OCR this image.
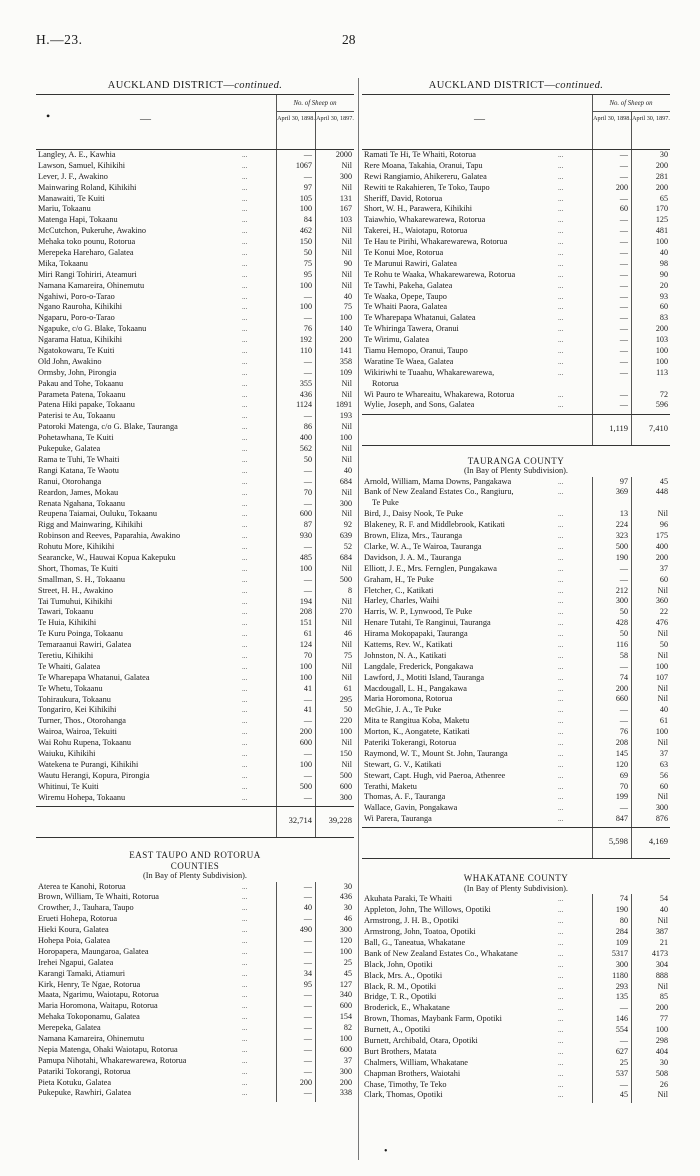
H.—23.	28
AUCKLAND DISTRICT—continued.
•	—
No. of Sheep on
April 30, 1898. April 30, 1897.
Langley, A. E., Kawhia	...	—	2000
Lawson, Samuel, Kihikihi	...	1067	Nil
Lever, J. F., Awakino	...	—	300
Mainwaring Roland, Kihikihi	...	97	Nil
Manawaiti, Te Kuiti	...	105	131
Mariu, Tokaanu	...	100	167
Matenga Hapi, Tokaanu	...	84	103
McCutchon, Pukeruhe, Awakino	...	462	Nil
Mehaka toko pounu, Rotorua	...	150	Nil
Merepeka Hareharo, Galatea	...	50	Nil
Mika, Tokaanu	...	75	90
Miri Rangi Tohiriri, Ateamuri	...	95	Nil
Namana Kamareira, Ohinemutu	...	100	Nil
Ngahiwi, Poro-o-Tarao	...	—	40
Ngano Rauroha, Kihikihi	...	100	75
Ngaparu, Poro-o-Tarao	...	—	100
Ngapuke, c/o G. Blake, Tokaanu	...	76	140
Ngarama Hatua, Kihikihi	...	192	200
Ngatokowaru, Te Kuiti	...	110	141
Old John, Awakino	...	—	358
Ormsby, John, Pirongia	...	—	109
Pakau and Tohe, Tokaanu	...	355	Nil
Parameta Patena, Tokaanu	...	436	Nil
Patena Hiki papake, Tokaanu	...	1124	1891
Paterisi te Au, Tokaanu	...	—	193
Patoroki Matenga, c/o G. Blake, Tauranga	...	86	Nil
Pohetawhana, Te Kuiti	...	400	100
Pukepuke, Galatea	...	562	Nil
Rama te Tuhi, Te Whaiti	...	50	Nil
Rangi Katana, Te Waotu	...	—	40
Ranui, Otorohanga	...	—	684
Reardon, James, Mokau	...	70	Nil
Renata Ngahana, Tokaanu	...	—	300
Reupena Taiamai, Ouluku, Tokaanu	...	600	Nil
Rigg and Mainwaring, Kihikihi	...	87	92
Robinson and Reeves, Paparahia, Awakino	...	930	639
Rohutu More, Kihikihi	...	—	52
Searancke, W., Hauwai Kopua Kakepuku	...	485	684
Short, Thomas, Te Kuiti	...	100	Nil
Smallman, S. H., Tokaanu	...	—	500
Street, H. H., Awakino	...	—	8
Tai Tumuhui, Kihikihi	...	194	Nil
Tawari, Tokaanu	...	208	270
Te Huia, Kihikihi	...	151	Nil
Te Kuru Poinga, Tokaanu	...	61	46
Temaraanui Rawiri, Galatea	...	124	Nil
Teretiu, Kihikihi	...	70	75
Te Whaiti, Galatea	...	100	Nil
Te Wharepapa Whatanui, Galatea	...	100	Nil
Te Whetu, Tokaanu	...	41	61
Tohiraukura, Tokaanu	...	—	295
Tongariro, Kei Kihikihi	...	41	50
Turner, Thos., Otorohanga	...	—	220
Wairoa, Wairoa, Tekuiti	...	200	100
Wai Rohu Rupena, Tokaanu	...	600	Nil
Waiuku, Kihikihi	...	—	150
Watekena te Purangi, Kihikihi	...	100	Nil
Wautu Herangi, Kopura, Pirongia	...	—	500
Whitinui, Te Kuiti	...	500	600
Wiremu Hohepa, Tokaanu	...	—	300
32,714	39,228
EAST TAUPO AND ROTORUA
COUNTIES
(In Bay of Plenty Subdivision).
Aterea te Kanohi, Rotorua	...	—	30
Brown, William, Te Whaiti, Rotorua	...	—	436
Crowther, J., Tauhara, Taupo	...	40	30
Erueti Hohepa, Rotorua	...	—	46
Hieki Koura, Galatea	...	490	300
Hohepa Poia, Galatea	...	—	120
Horopapera, Maungaroa, Galatea	...	—	100
Irehei Ngapui, Galatea	...	—	25
Karangi Tamaki, Atiamuri	...	34	45
Kirk, Henry, Te Ngae, Rotorua	...	95	127
Maata, Ngarimu, Waiotapu, Rotorua	...	—	340
Maria Horomona, Waitapu, Rotorua	...	—	600
Mehaka Tokoponamu, Galatea	...	—	154
Merepeka, Galatea	...	—	82
Namana Kamareira, Ohinemutu	...	—	100
Nepia Matenga, Ohaki Waiotapu, Rotorua	...	—	600
Pamupa Nihotahi, Whakarewarewa, Rotorua	...	—	37
Patariki Tokorangi, Rotorua	...	—	300
Pieta Kotuku, Galatea	...	200	200
Pukepuke, Rawhiri, Galatea	...	—	338
AUCKLAND DISTRICT—continued.
—
No. of Sheep on
April 30, 1898. April 30, 1897.
Ramati Te Hi, Te Whaiti, Rotorua	...	—	30
Rere Moana, Takahia, Oranui, Tapu	...	—	200
Rewi Rangiamio, Ahikereru, Galatea	...	—	281
Rewiti te Rakahieren, Te Toko, Taupo	...	200	200
Sheriff, David, Rotorua	...	—	65
Short, W. H., Parawera, Kihikihi	...	60	170
Taiawhio, Whakarewarewa, Rotorua	...	—	125
Takerei, H., Waiotapu, Rotorua	...	—	481
Te Hau te Pirihi, Whakarewarewa, Rotorua	...	—	100
Te Konui Moe, Rotorua	...	—	40
Te Marunui Rawiri, Galatea	...	—	98
Te Rohu te Waaka, Whakarewarewa, Rotorua	...	—	90
Te Tawhi, Pakeha, Galatea	...	—	20
Te Waaka, Opepe, Taupo	...	—	93
Te Whaiti Paora, Galatea	...	—	60
Te Wharepapa Whatanui, Galatea	...	—	83
Te Whiringa Tawera, Oranui	...	—	200
Te Wirimu, Galatea	...	—	103
Tiamu Hemopo, Oranui, Taupo	...	—	100
Waratine Te Waea, Galatea	...	—	100
Wikiriwhi te Tuaahu, Whakarewarewa,	...	—	113
Rotorua
Wi Pauro te Whareaitu, Whakarewa, Rotorua	...	—	72
Wylie, Joseph, and Sons, Galatea	...	—	596
1,119	7,410
TAURANGA COUNTY
(In Bay of Plenty Subdivision).
Arnold, William, Mama Downs, Pangakawa	...	97	45
Bank of New Zealand Estates Co., Rangiuru,	...	369	448
Te Puke
Bird, J., Daisy Nook, Te Puke	...	13	Nil
Blakeney, R. F. and Middlebrook, Katikati	...	224	96
Brown, Eliza, Mrs., Tauranga	...	323	175
Clarke, W. A., Te Wairoa, Tauranga	...	500	400
Davidson, J. A. M., Tauranga	...	190	200
Elliott, J. E., Mrs. Fernglen, Pungakawa	...	—	37
Graham, H., Te Puke	...	—	60
Fletcher, C., Katikati	...	212	Nil
Harley, Charles, Waihi	...	300	360
Harris, W. P., Lynwood, Te Puke	...	50	22
Henare Tutahi, Te Ranginui, Tauranga	...	428	476
Hirama Mokopapaki, Tauranga	...	50	Nil
Kattems, Rev. W., Katikati	...	116	50
Johnston, N. A., Katikati	...	58	Nil
Langdale, Frederick, Pongakawa	...	—	100
Lawford, J., Motiti Island, Tauranga	...	74	107
Macdougall, L. H., Pangakawa	...	200	Nil
Maria Horomona, Rotorua	...	660	Nil
McGhie, J. A., Te Puke	...	—	40
Mita te Rangitua Koba, Maketu	...	—	61
Morton, K., Aongatete, Katikati	...	76	100
Pateriki Tokerangi, Rotorua	...	208	Nil
Raymond, W. T., Mount St. John, Tauranga	...	145	37
Stewart, G. V., Katikati	...	120	63
Stewart, Capt. Hugh, vid Paeroa, Athenree	...	69	56
Terathi, Maketu	...	70	60
Thomas, A. F., Tauranga	...	199	Nil
Wallace, Gavin, Pongakawa	...	—	300
Wi Parera, Tauranga	...	847	876
5,598	4,169
WHAKATANE COUNTY
(In Bay of Plenty Subdivision).
Akuhata Paraki, Te Whaiti	...	74	54
Appleton, John, The Willows, Opotiki	...	190	40
Armstrong, J. H. B., Opotiki	...	80	Nil
Armstrong, John, Toatoa, Opotiki	...	284	387
Ball, G., Taneatua, Whakatane	...	109	21
Bank of New Zealand Estates Co., Whakatane	...	5317	4173
Black, John, Opotiki	...	300	304
Black, Mrs. A., Opotiki	...	1180	888
Black, R. M., Opotiki	...	293	Nil
Bridge, T. R., Opotiki	...	135	85
Broderick, E., Whakatane	...	—	200
Brown, Thomas, Maybank Farm, Opotiki	...	146	77
Burnett, A., Opotiki	...	554	100
Burnett, Archibald, Otara, Opotiki	...	—	298
Burt Brothers, Matata	...	627	404
Chalmers, William, Whakatane	...	25	30
Chapman Brothers, Waiotahi	...	537	508
Chase, Timothy, Te Teko	...	—	26
Clark, Thomas, Opotiki	...	45	Nil
•
